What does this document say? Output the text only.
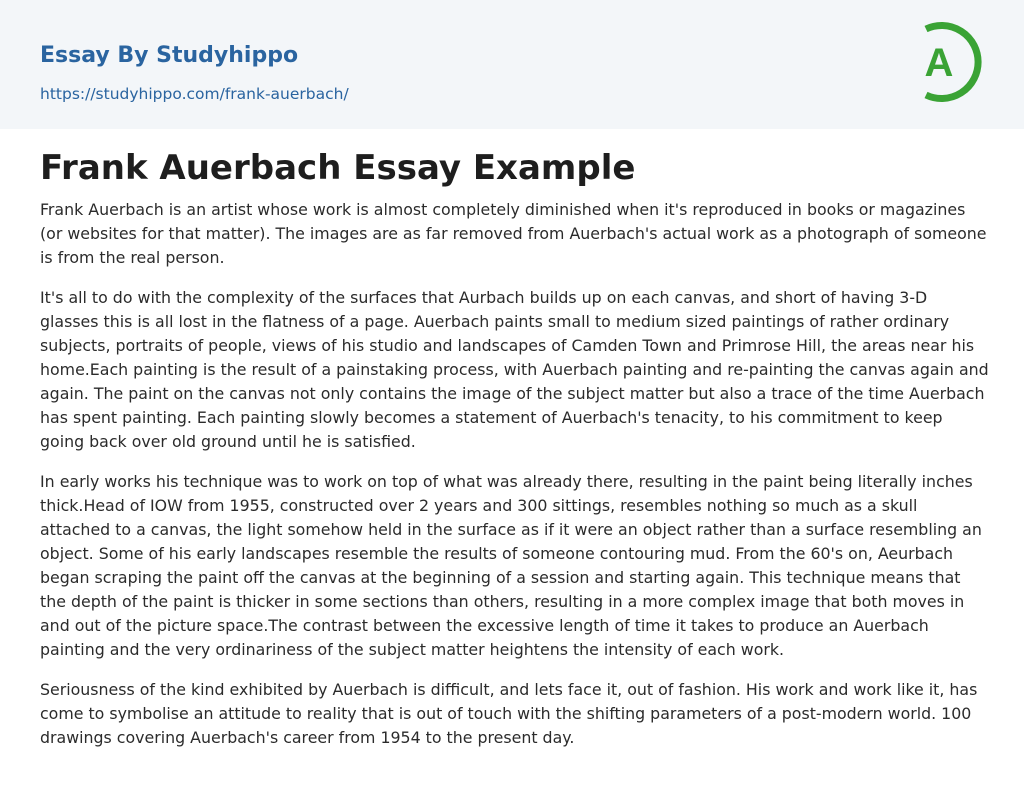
Essay By Studyhippo
https://studyhippo.com/frank-auerbach/
A
Frank Auerbach Essay Example

Frank Auerbach is an artist whose work is almost completely diminished when it's reproduced in books or magazines (or websites for that matter). The images are as far removed from Auerbach's actual work as a photograph of someone is from the real person.

It's all to do with the complexity of the surfaces that Aurbach builds up on each canvas, and short of having 3-D glasses this is all lost in the flatness of a page. Auerbach paints small to medium sized paintings of rather ordinary subjects, portraits of people, views of his studio and landscapes of Camden Town and Primrose Hill, the areas near his home.Each painting is the result of a painstaking process, with Auerbach painting and re-painting the canvas again and again. The paint on the canvas not only contains the image of the subject matter but also a trace of the time Auerbach has spent painting. Each painting slowly becomes a statement of Auerbach's tenacity, to his commitment to keep going back over old ground until he is satisfied.

In early works his technique was to work on top of what was already there, resulting in the paint being literally inches thick.Head of IOW from 1955, constructed over 2 years and 300 sittings, resembles nothing so much as a skull attached to a canvas, the light somehow held in the surface as if it were an object rather than a surface resembling an object. Some of his early landscapes resemble the results of someone contouring mud. From the 60's on, Aeurbach began scraping the paint off the canvas at the beginning of a session and starting again. This technique means that the depth of the paint is thicker in some sections than others, resulting in a more complex image that both moves in and out of the picture space.The contrast between the excessive length of time it takes to produce an Auerbach painting and the very ordinariness of the subject matter heightens the intensity of each work.

Seriousness of the kind exhibited by Auerbach is difficult, and lets face it, out of fashion. His work and work like it, has come to symbolise an attitude to reality that is out of touch with the shifting parameters of a post-modern world. 100 drawings covering Auerbach's career from 1954 to the present day.
